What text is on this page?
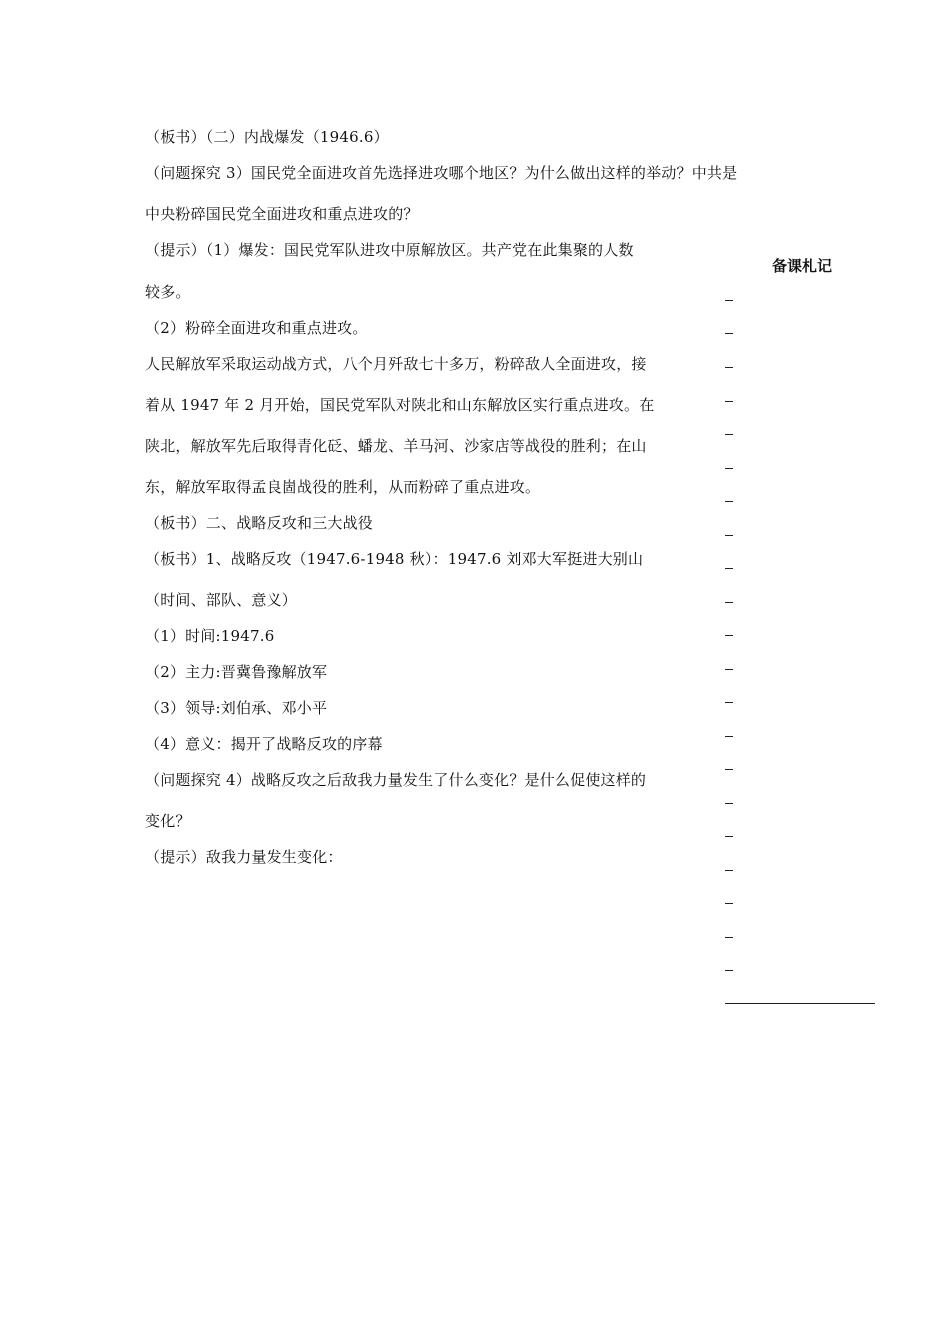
（板书）（二）内战爆发（1946.6）
（问题探究 3）国民党全面进攻首先选择进攻哪个地区？为什么做出这样的举动？中共是
中央粉碎国民党全面进攻和重点进攻的？
（提示）（1）爆发：国民党军队进攻中原解放区。共产党在此集聚的人数
较多。
（2）粉碎全面进攻和重点进攻。
人民解放军采取运动战方式，八个月歼敌七十多万，粉碎敌人全面进攻，接
着从 1947 年 2 月开始，国民党军队对陕北和山东解放区实行重点进攻。在
陕北，解放军先后取得青化砭、蟠龙、羊马河、沙家店等战役的胜利；在山
东，解放军取得孟良崮战役的胜利，从而粉碎了重点进攻。
（板书）二、战略反攻和三大战役
（板书）1、战略反攻（1947.6-1948 秋）：1947.6 刘邓大军挺进大别山
（时间、部队、意义）
（1）时间:1947.6
（2）主力:晋冀鲁豫解放军
（3）领导:刘伯承、邓小平
（4）意义：揭开了战略反攻的序幕
（问题探究 4）战略反攻之后敌我力量发生了什么变化？是什么促使这样的
变化？
（提示）敌我力量发生变化：
备课札记
